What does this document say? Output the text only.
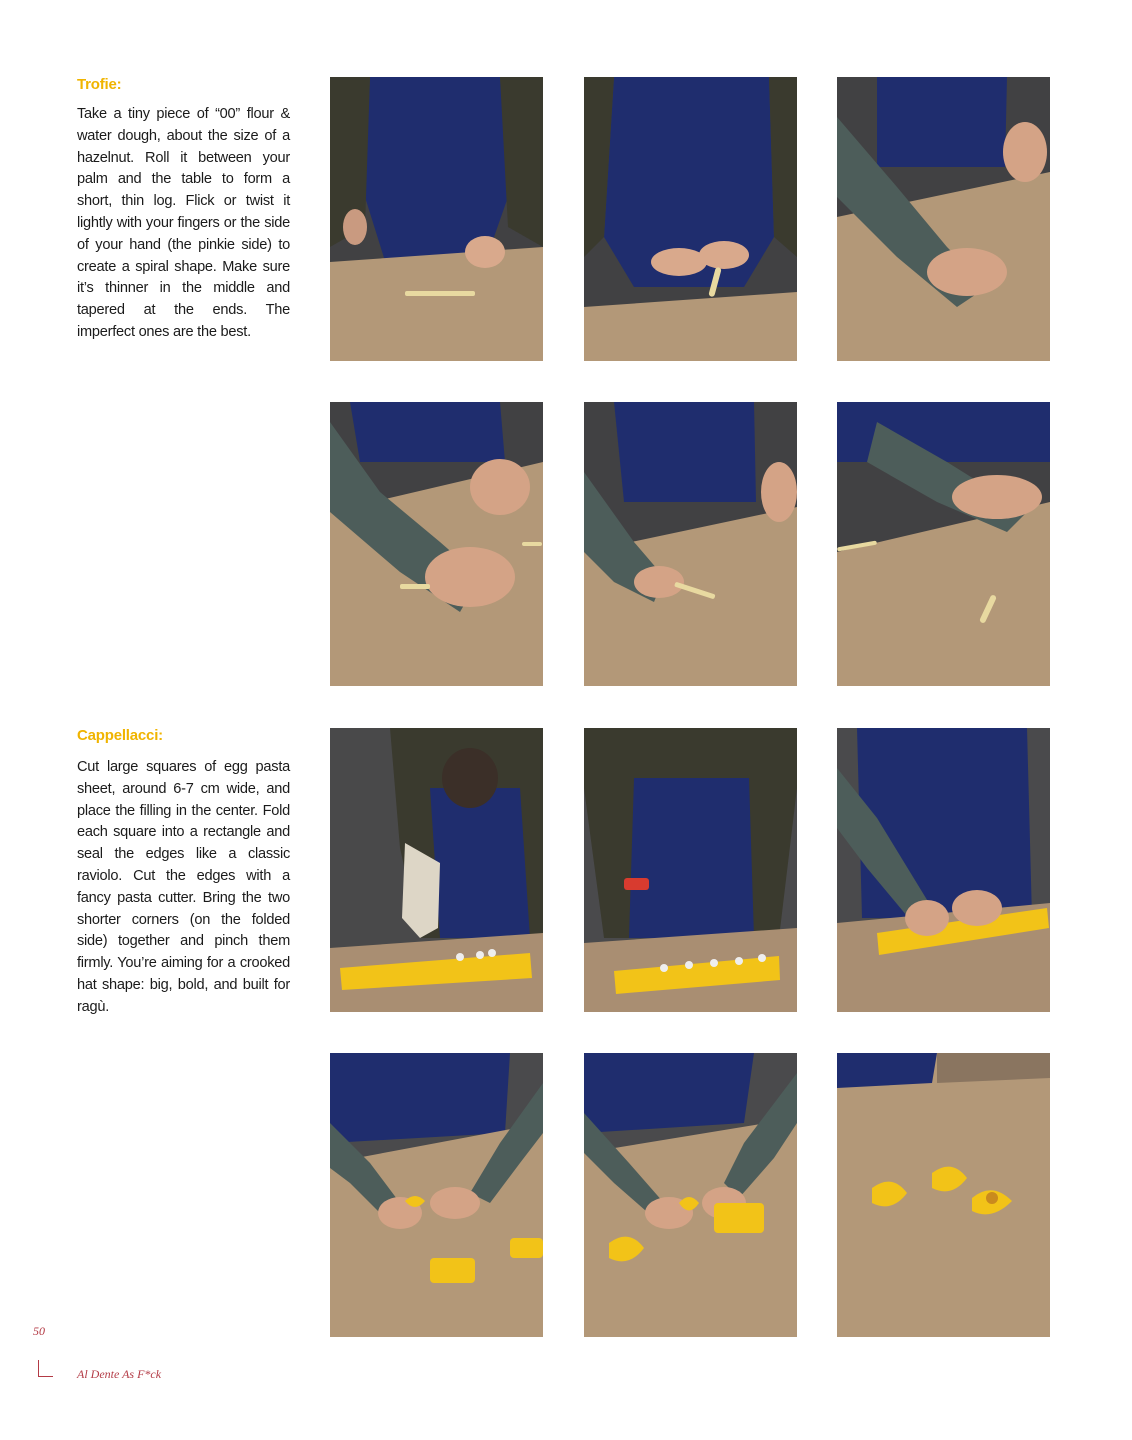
Trofie:

Take a tiny piece of “00” flour & water dough, about the size of a hazelnut. Roll it between your palm and the table to form a short, thin log. Flick or twist it lightly with your fingers or the side of your hand (the pinkie side) to create a spiral shape. Make sure it’s thinner in the middle and tapered at the ends. The imperfect ones are the best.

Cappellacci:

Cut large squares of egg pasta sheet, around 6-7 cm wide, and place the filling in the center. Fold each square into a rectangle and seal the edges like a classic raviolo. Cut the edges with a fancy pasta cutter. Bring the two shorter corners (on the folded side) together and pinch them firmly. You’re aiming for a crooked hat shape: big, bold, and built for ragù.

50
Al Dente As F*ck
